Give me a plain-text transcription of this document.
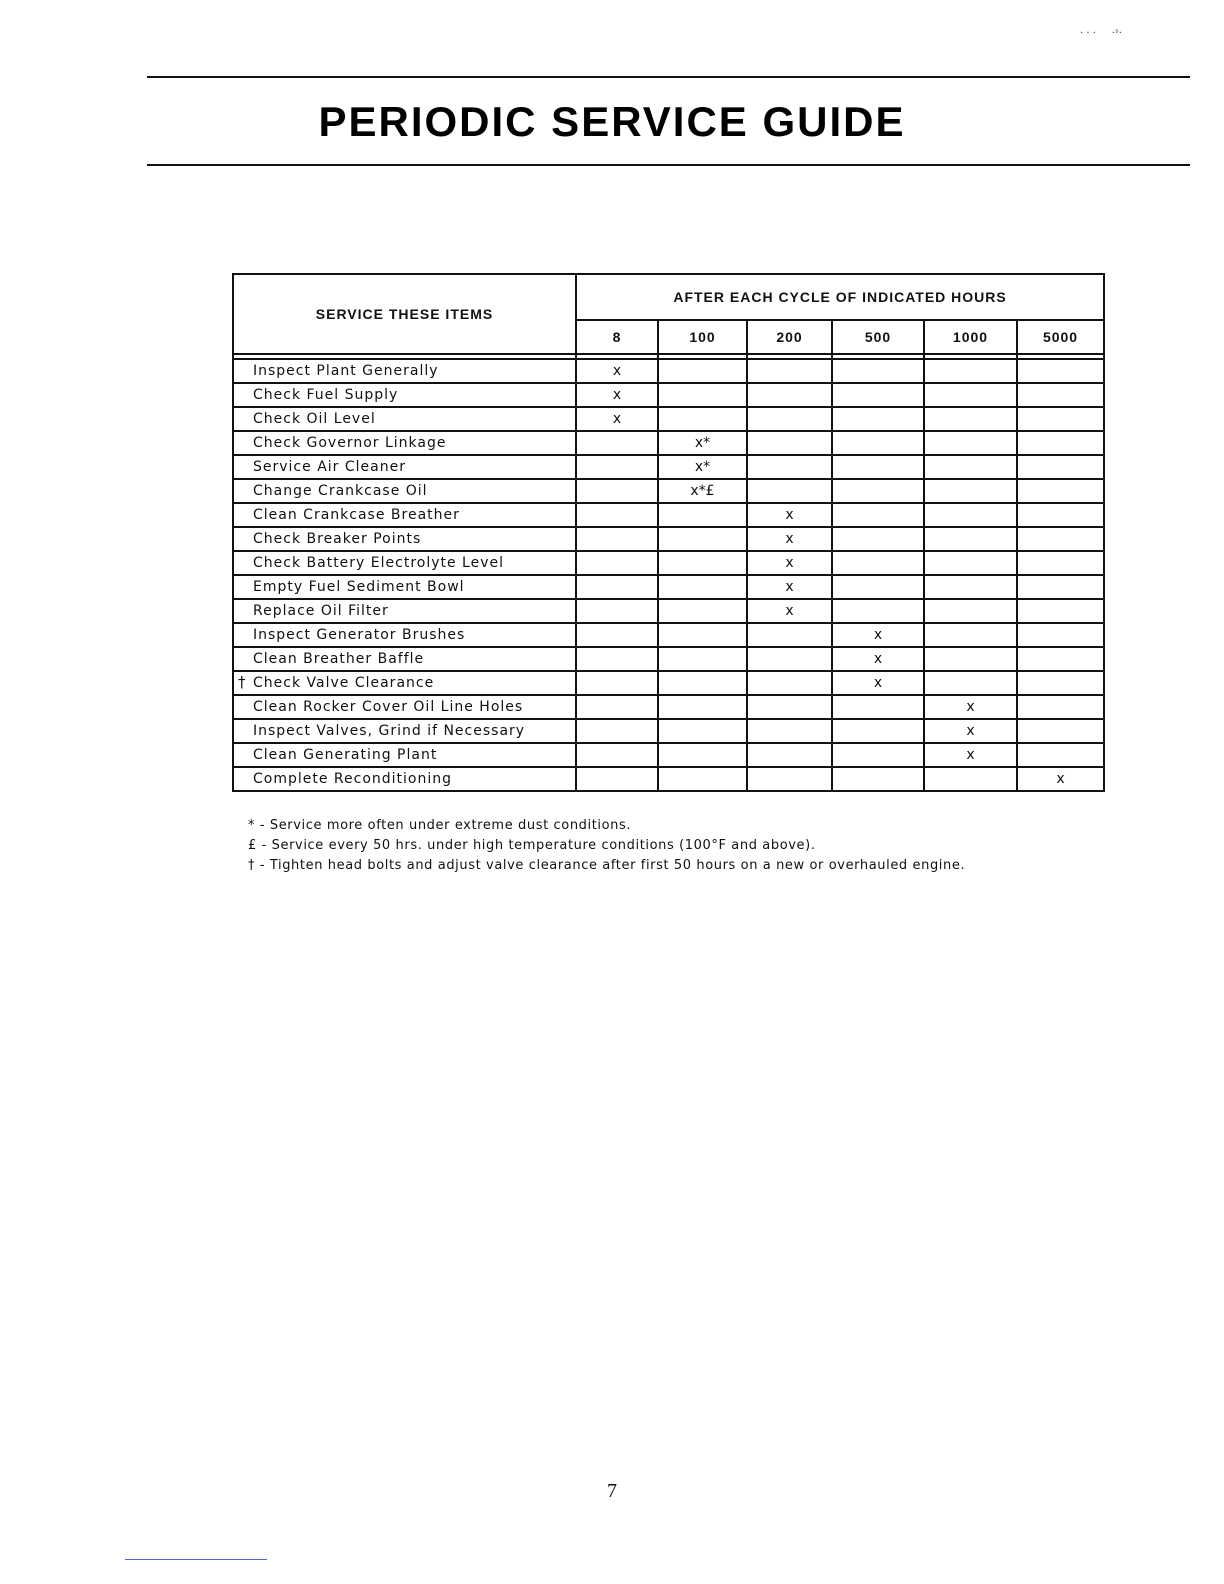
· · ·     ·ˢ·
PERIODIC SERVICE GUIDE
SERVICE THESE ITEMS	AFTER EACH CYCLE OF INDICATED HOURS					
	8	100	200	500	1000	5000

Inspect Plant Generally	x					
Check Fuel Supply	x					
Check Oil Level	x					
Check Governor Linkage		x*				
Service Air Cleaner		x*				
Change Crankcase Oil		x*£				
Clean Crankcase Breather			x			
Check Breaker Points			x			
Check Battery Electrolyte Level			x			
Empty Fuel Sediment Bowl			x			
Replace Oil Filter			x			
Inspect Generator Brushes				x		
Clean Breather Baffle				x		

† Check Valve Clearance				x		
Clean Rocker Cover Oil Line Holes					x	
Inspect Valves, Grind if Necessary					x	
Clean Generating Plant					x	
Complete Reconditioning						x
* - Service more often under extreme dust conditions.
£ - Service every 50 hrs. under high temperature conditions (100°F and above).
† - Tighten head bolts and adjust valve clearance after first 50 hours on a new or overhauled engine.
7
